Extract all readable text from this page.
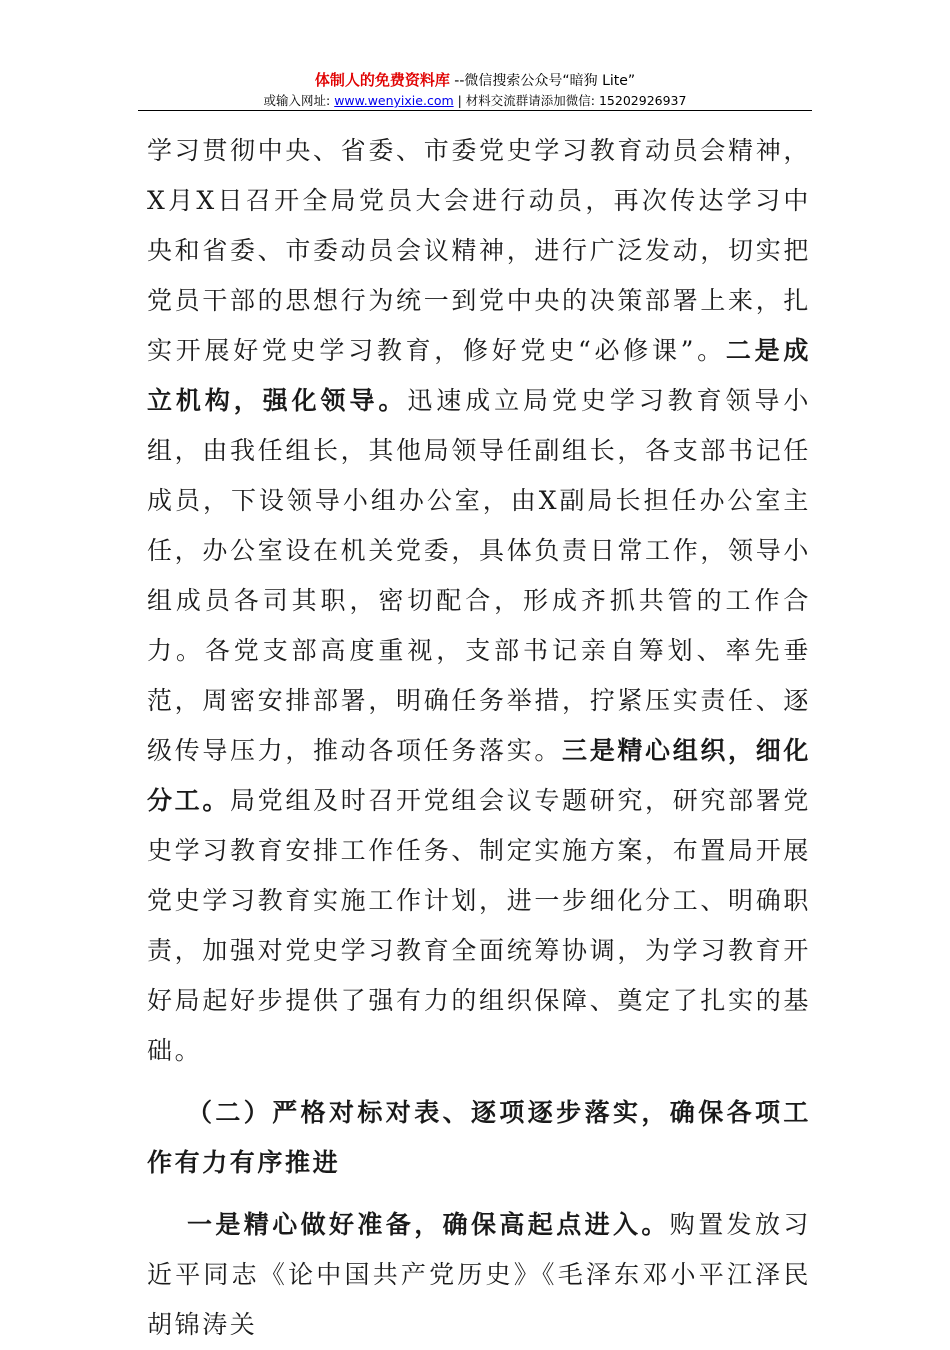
体制人的免费资料库 --微信搜索公众号“暗狗 Lite”
或输入网址: www.wenyixie.com | 材料交流群请添加微信: 15202926937

学习贯彻中央、省委、市委党史学习教育动员会精神，X月X日召开全局党员大会进行动员，再次传达学习中央和省委、市委动员会议精神，进行广泛发动，切实把党员干部的思想行为统一到党中央的决策部署上来，扎实开展好党史学习教育，修好党史“必修课”。二是成立机构，强化领导。迅速成立局党史学习教育领导小组，由我任组长，其他局领导任副组长，各支部书记任成员，下设领导小组办公室，由X副局长担任办公室主任，办公室设在机关党委，具体负责日常工作，领导小组成员各司其职，密切配合，形成齐抓共管的工作合力。各党支部高度重视，支部书记亲自筹划、率先垂范，周密安排部署，明确任务举措，拧紧压实责任、逐级传导压力，推动各项任务落实。三是精心组织，细化分工。局党组及时召开党组会议专题研究，研究部署党史学习教育安排工作任务、制定实施方案，布置局开展党史学习教育实施工作计划，进一步细化分工、明确职责，加强对党史学习教育全面统筹协调，为学习教育开好局起好步提供了强有力的组织保障、奠定了扎实的基础。

（二）严格对标对表、逐项逐步落实，确保各项工作有力有序推进

一是精心做好准备，确保高起点进入。购置发放习近平同志《论中国共产党历史》《毛泽东邓小平江泽民胡锦涛关
